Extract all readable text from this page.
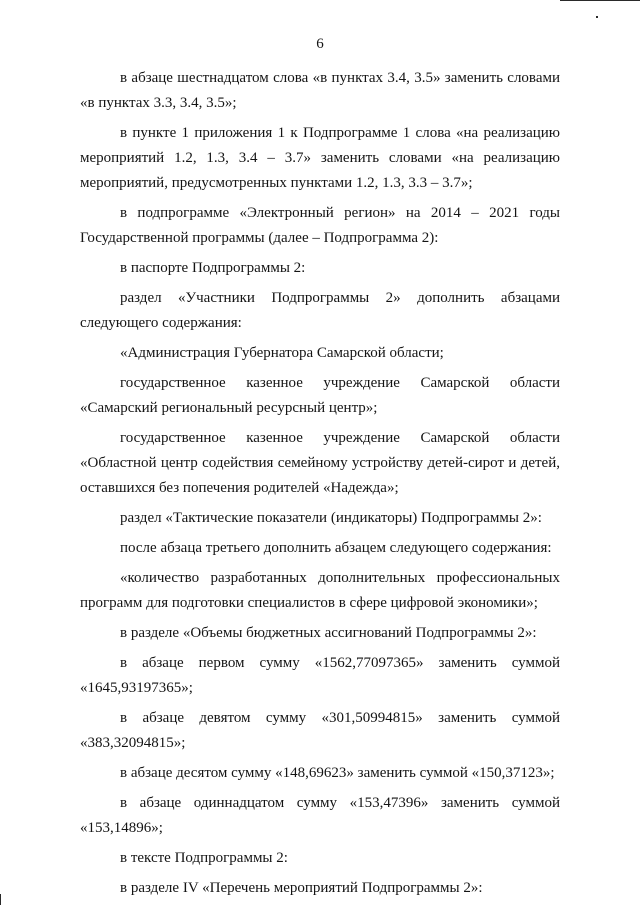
6

в абзаце шестнадцатом слова «в пунктах 3.4, 3.5» заменить словами «в пунктах 3.3, 3.4, 3.5»;

в пункте 1 приложения 1 к Подпрограмме 1 слова «на реализацию мероприятий 1.2, 1.3, 3.4 – 3.7» заменить словами «на реализацию мероприятий, предусмотренных пунктами 1.2, 1.3, 3.3 – 3.7»;

в подпрограмме «Электронный регион» на 2014 – 2021 годы Государственной программы (далее – Подпрограмма 2):

в паспорте Подпрограммы 2:

раздел «Участники Подпрограммы 2» дополнить абзацами следующего содержания:

«Администрация Губернатора Самарской области;

государственное казенное учреждение Самарской области «Самарский региональный ресурсный центр»;

государственное казенное учреждение Самарской области «Областной центр содействия семейному устройству детей-сирот и детей, оставшихся без попечения родителей «Надежда»;

раздел «Тактические показатели (индикаторы) Подпрограммы 2»:

после абзаца третьего дополнить абзацем следующего содержания:

«количество разработанных дополнительных профессиональных программ для подготовки специалистов в сфере цифровой экономики»;

в разделе «Объемы бюджетных ассигнований Подпрограммы 2»:

в абзаце первом сумму «1562,77097365» заменить суммой «1645,93197365»;

в абзаце девятом сумму «301,50994815» заменить суммой «383,32094815»;

в абзаце десятом сумму «148,69623» заменить суммой «150,37123»;

в абзаце одиннадцатом сумму «153,47396» заменить суммой «153,14896»;

в тексте Подпрограммы 2:

в разделе IV «Перечень мероприятий Подпрограммы 2»:
